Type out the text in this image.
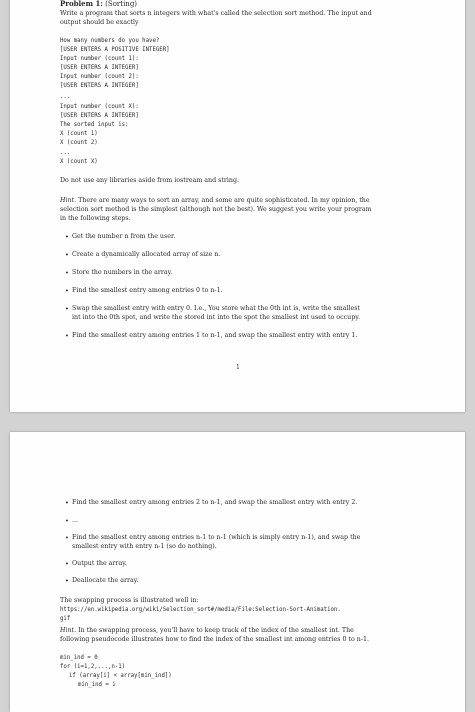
Problem 1: (Sorting)
Write a program that sorts n integers with what's called the selection sort method. The input and
output should be exactly
How many numbers do you have?
[USER ENTERS A POSITIVE INTEGER]
Input number (count 1):
[USER ENTERS A INTEGER]
Input number (count 2):
[USER ENTERS A INTEGER]
...
Input number (count X):
[USER ENTERS A INTEGER]
The sorted input is:
X (count 1)
X (count 2)
...
X (count X)
Do not use any libraries aside from iostream and string.
Hint. There are many ways to sort an array, and some are quite sophisticated. In my opinion, the
selection sort method is the simplest (although not the best). We suggest you write your program
in the following steps.
• Get the number n from the user.
• Create a dynamically allocated array of size n.
• Store the numbers in the array.
• Find the smallest entry among entries 0 to n-1.
• Swap the smallest entry with entry 0. I.e., You store what the 0th int is, write the smallest
int into the 0th spot, and write the stored int into the spot the smallest int used to occupy.
• Find the smallest entry among entries 1 to n-1, and swap the smallest entry with entry 1.
1
• Find the smallest entry among entries 2 to n-1, and swap the smallest entry with entry 2.
• ...
• Find the smallest entry among entries n-1 to n-1 (which is simply entry n-1), and swap the
smallest entry with entry n-1 (so do nothing).
• Output the array.
• Deallocate the array.
The swapping process is illustrated well in:
https://en.wikipedia.org/wiki/Selection_sort#/media/File:Selection-Sort-Animation.
gif
Hint. In the swapping process, you'll have to keep track of the index of the smallest int. The
following pseudocode illustrates how to find the index of the smallest int among entries 0 to n-1.
min_ind = 0
for (i=1,2,...,n-1)
if (array[i] < array[min_ind])
min_ind = i
